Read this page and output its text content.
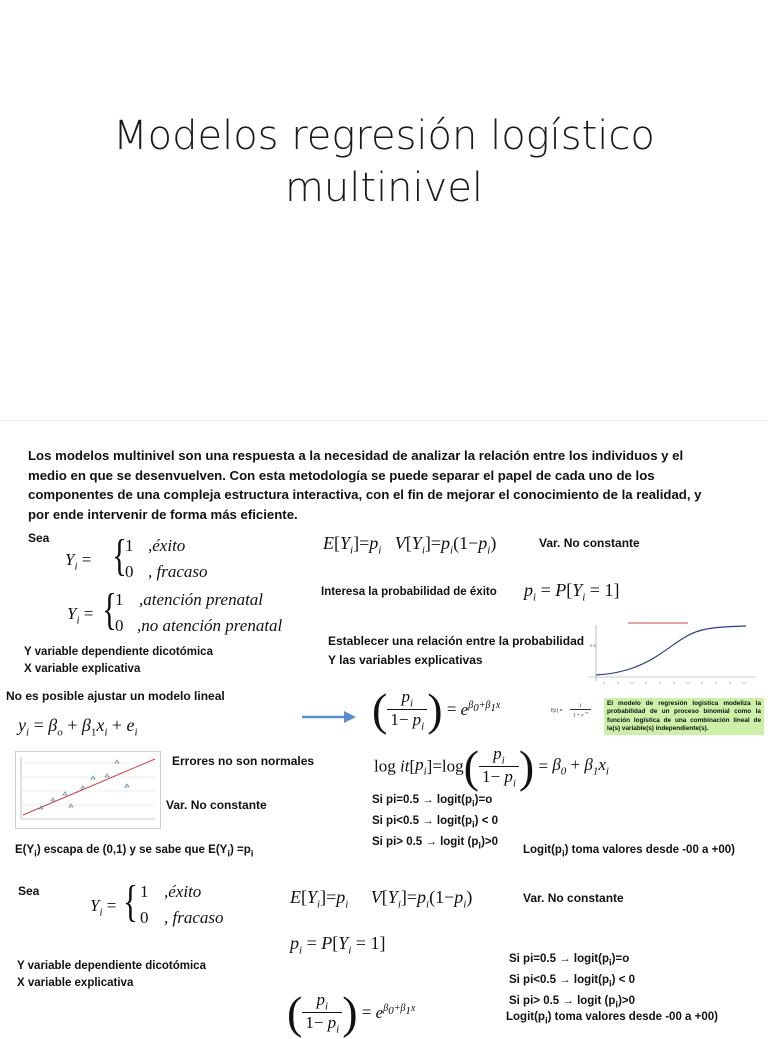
Modelos regresión logístico
multinivel
Los modelos multinivel son una respuesta a la necesidad de analizar la relación entre los individuos y el
medio en que se desenvuelven. Con esta metodología se puede separar el papel de cada uno de los
componentes de una compleja estructura interactiva, con el fin de mejorar el conocimiento de la realidad, y
por ende intervenir de forma más eficiente.
Sea
$Y_i$ = {
1 ,éxito
0 , fracaso
$Y_i$ = {
1 ,atención prenatal
0 ,no atención prenatal
$E[Y_i]=p_i$   $V[Y_i]=p_i(1-p_i)$	Var. No constante
Interesa la probabilidad de éxito $p_i = P[Y_i = 1]$
Establecer una relación entre la probabilidad
Y las variables explicativas
Y variable dependiente dicotómica
X variable explicativa
No es posible ajustar un modelo lineal
$y_i = \beta_o + \beta_1x_i + e_i$
Errores no son normales
Var. No constante
( $\frac{p_i}{1- p_i}$ ) = $e^{\beta_0+\beta_1x}$
$\log it[p_i]=\log( \frac{p_i}{1- p_i}$ ) = $\beta_0 + \beta_1x_i$
Si $pi=0.5 \to logit(p_i)=o$
Si $pi<0.5 \to logit(p_i) < 0$
Si pi> 0.5 → logit $(p_i)>0$
$E(Y_i)$ escapa de (0,1) y se sabe que $E(Y_i) =p_i$	$Logit(p_i)$ toma valores desde -00 a +00)
0.5
$f(z) = \frac{1}{1 + e^{-z}}$
El modelo de regresión logística modeliza la probabilidad de un proceso binomial como la función logística de una combinación lineal de la(s) variable(s) independiente(s).
Sea
$Y_i$ = { 1 ,éxito
0 , fracaso
$E[Y_i]=p_i$     $V[Y_i]=p_i(1-p_i)$	Var. No constante
$p_i = P[Y_i = 1]$
Y variable dependiente dicotómica
X variable explicativa
Si $pi=0.5 \to logit(p_i)=o$
Si $pi<0.5 \to logit(p_i) < 0$
Si pi> 0.5 → logit $(p_i)>0$
( $\frac{p_i}{1- p_i}$ ) = $e^{\beta_0+\beta_1x}$
$Logit(p_i)$ toma valores desde -00 a +00)
